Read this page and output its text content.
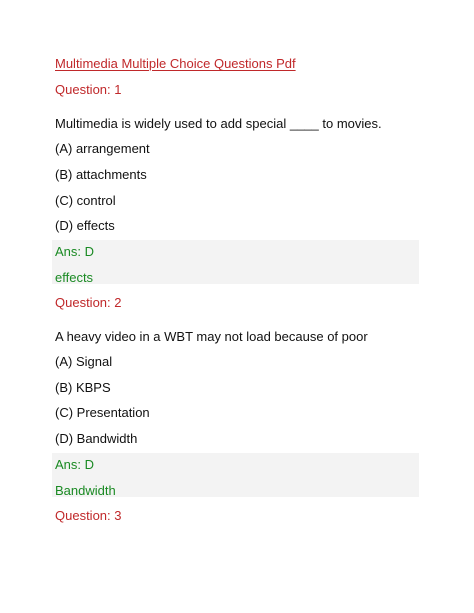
Multimedia Multiple Choice Questions Pdf
Question: 1
Multimedia is widely used to add special ____ to movies.
(A) arrangement
(B) attachments
(C) control
(D) effects
Ans: D
effects
Question: 2
A heavy video in a WBT may not load because of poor
(A) Signal
(B) KBPS
(C) Presentation
(D) Bandwidth
Ans: D
Bandwidth
Question: 3
